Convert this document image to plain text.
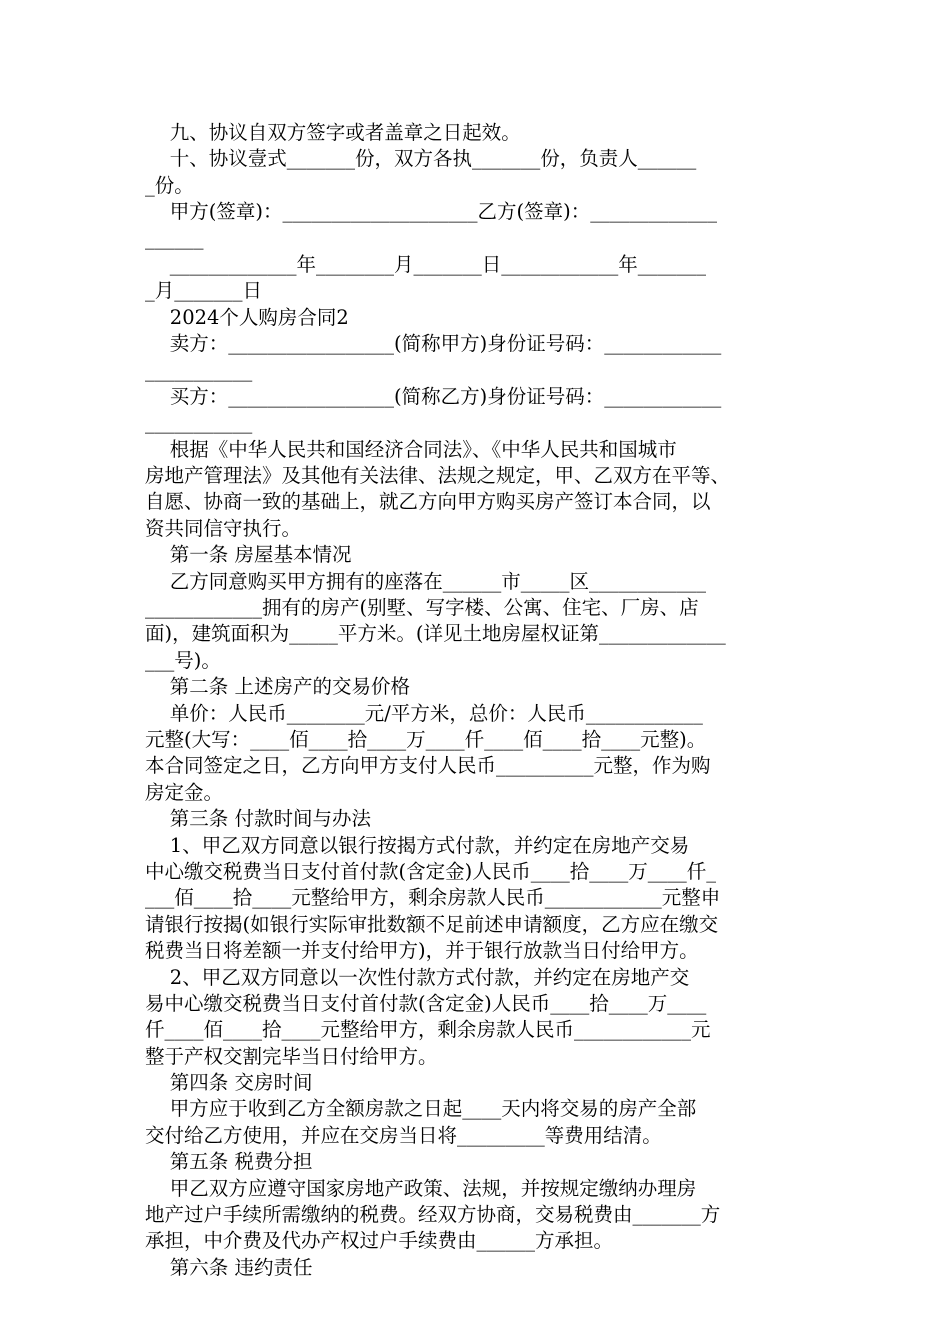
九、协议自双方签字或者盖章之日起效。
十、协议壹式_______份，双方各执_______份，负责人______
_份。
甲方(签章)：____________________乙方(签章)：_____________
______
_____________年________月_______日____________年_______
_月_______日
2024个人购房合同2
卖方：_________________(简称甲方)身份证号码：____________
___________
买方：_________________(简称乙方)身份证号码：____________
___________
根据《中华人民共和国经济合同法》、《中华人民共和国城市
房地产管理法》及其他有关法律、法规之规定，甲、乙双方在平等、
自愿、协商一致的基础上，就乙方向甲方购买房产签订本合同，以
资共同信守执行。
第一条 房屋基本情况
乙方同意购买甲方拥有的座落在______市_____区____________
____________拥有的房产(别墅、写字楼、公寓、住宅、厂房、店
面)，建筑面积为_____平方米。(详见土地房屋权证第_____________
___号)。
第二条 上述房产的交易价格
单价：人民币________元/平方米，总价：人民币____________
元整(大写：____佰____拾____万____仟____佰____拾____元整)。
本合同签定之日，乙方向甲方支付人民币__________元整，作为购
房定金。
第三条 付款时间与办法
1、甲乙双方同意以银行按揭方式付款，并约定在房地产交易
中心缴交税费当日支付首付款(含定金)人民币____拾____万____仟_
___佰____拾____元整给甲方，剩余房款人民币____________元整申
请银行按揭(如银行实际审批数额不足前述申请额度，乙方应在缴交
税费当日将差额一并支付给甲方)，并于银行放款当日付给甲方。
2、甲乙双方同意以一次性付款方式付款，并约定在房地产交
易中心缴交税费当日支付首付款(含定金)人民币____拾____万____
仟____佰____拾____元整给甲方，剩余房款人民币____________元
整于产权交割完毕当日付给甲方。
第四条 交房时间
甲方应于收到乙方全额房款之日起____天内将交易的房产全部
交付给乙方使用，并应在交房当日将_________等费用结清。
第五条 税费分担
甲乙双方应遵守国家房地产政策、法规，并按规定缴纳办理房
地产过户手续所需缴纳的税费。经双方协商，交易税费由_______方
承担，中介费及代办产权过户手续费由______方承担。
第六条 违约责任
